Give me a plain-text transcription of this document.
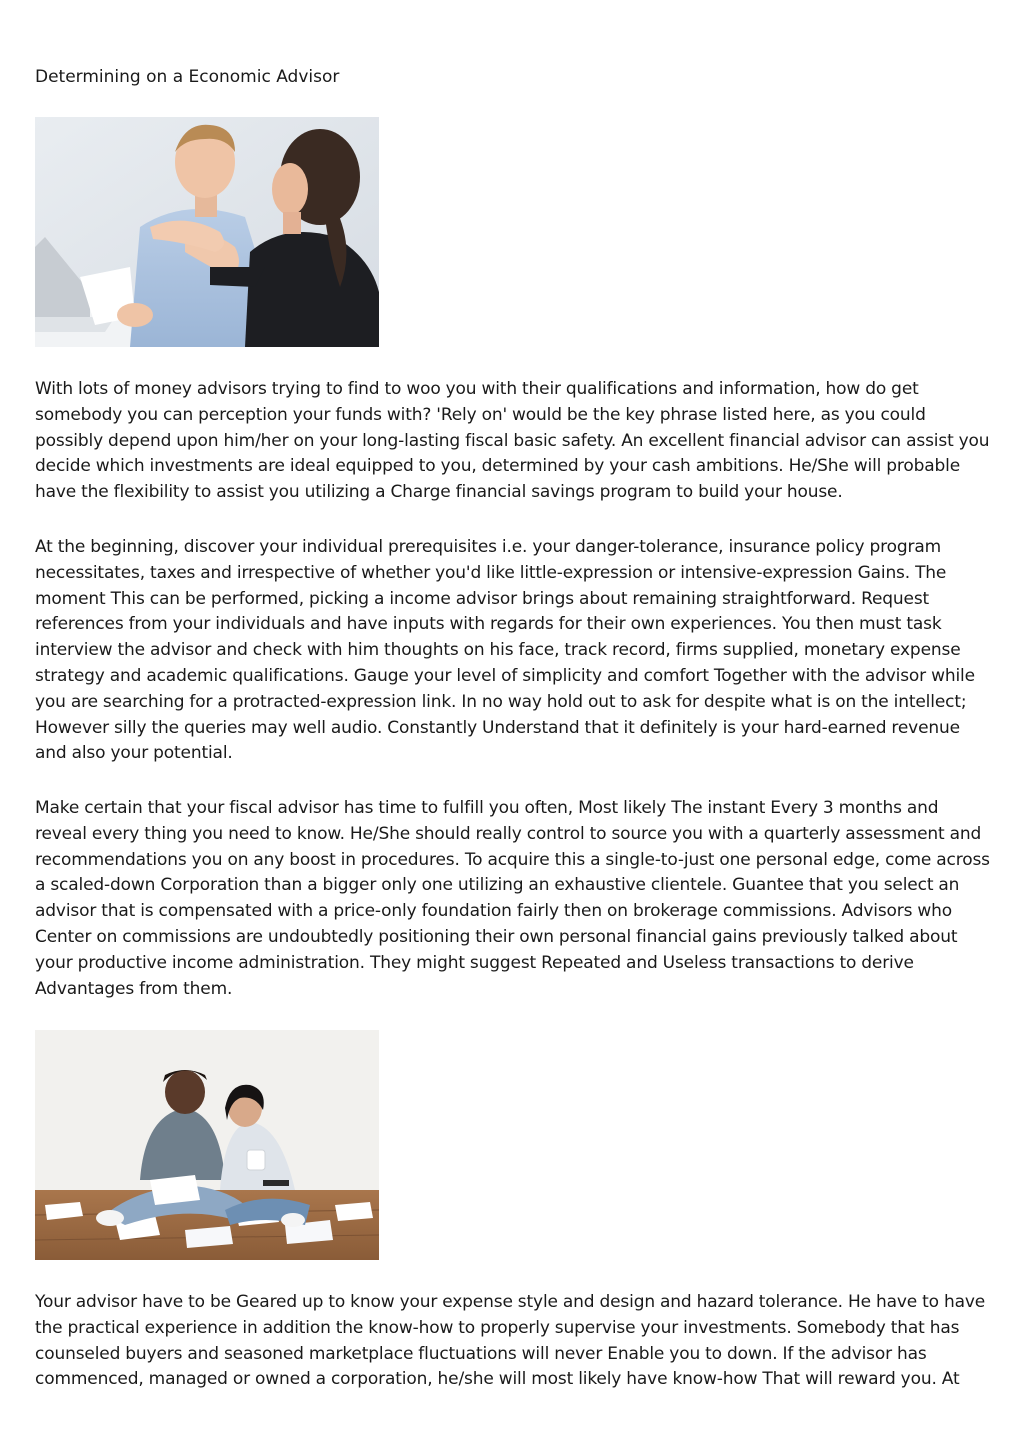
Determining on a Economic Advisor

With lots of money advisors trying to find to woo you with their qualifications and information, how do get somebody you can perception your funds with? 'Rely on' would be the key phrase listed here, as you could possibly depend upon him/her on your long-lasting fiscal basic safety. An excellent financial advisor can assist you decide which investments are ideal equipped to you, determined by your cash ambitions. He/She will probable have the flexibility to assist you utilizing a Charge financial savings program to build your house.

At the beginning, discover your individual prerequisites i.e. your danger-tolerance, insurance policy program necessitates, taxes and irrespective of whether you'd like little-expression or intensive-expression Gains. The moment This can be performed, picking a income advisor brings about remaining straightforward. Request references from your individuals and have inputs with regards for their own experiences. You then must task interview the advisor and check with him thoughts on his face, track record, firms supplied, monetary expense strategy and academic qualifications. Gauge your level of simplicity and comfort Together with the advisor while you are searching for a protracted-expression link. In no way hold out to ask for despite what is on the intellect; However silly the queries may well audio. Constantly Understand that it definitely is your hard-earned revenue and also your potential.

Make certain that your fiscal advisor has time to fulfill you often, Most likely The instant Every 3 months and reveal every thing you need to know. He/She should really control to source you with a quarterly assessment and recommendations you on any boost in procedures. To acquire this a single-to-just one personal edge, come across a scaled-down Corporation than a bigger only one utilizing an exhaustive clientele. Guantee that you select an advisor that is compensated with a price-only foundation fairly then on brokerage commissions. Advisors who Center on commissions are undoubtedly positioning their own personal financial gains previously talked about your productive income administration. They might suggest Repeated and Useless transactions to derive Advantages from them.

Your advisor have to be Geared up to know your expense style and design and hazard tolerance. He have to have the practical experience in addition the know-how to properly supervise your investments. Somebody that has counseled buyers and seasoned marketplace fluctuations will never Enable you to down. If the advisor has commenced, managed or owned a corporation, he/she will most likely have know-how That will reward you. At
